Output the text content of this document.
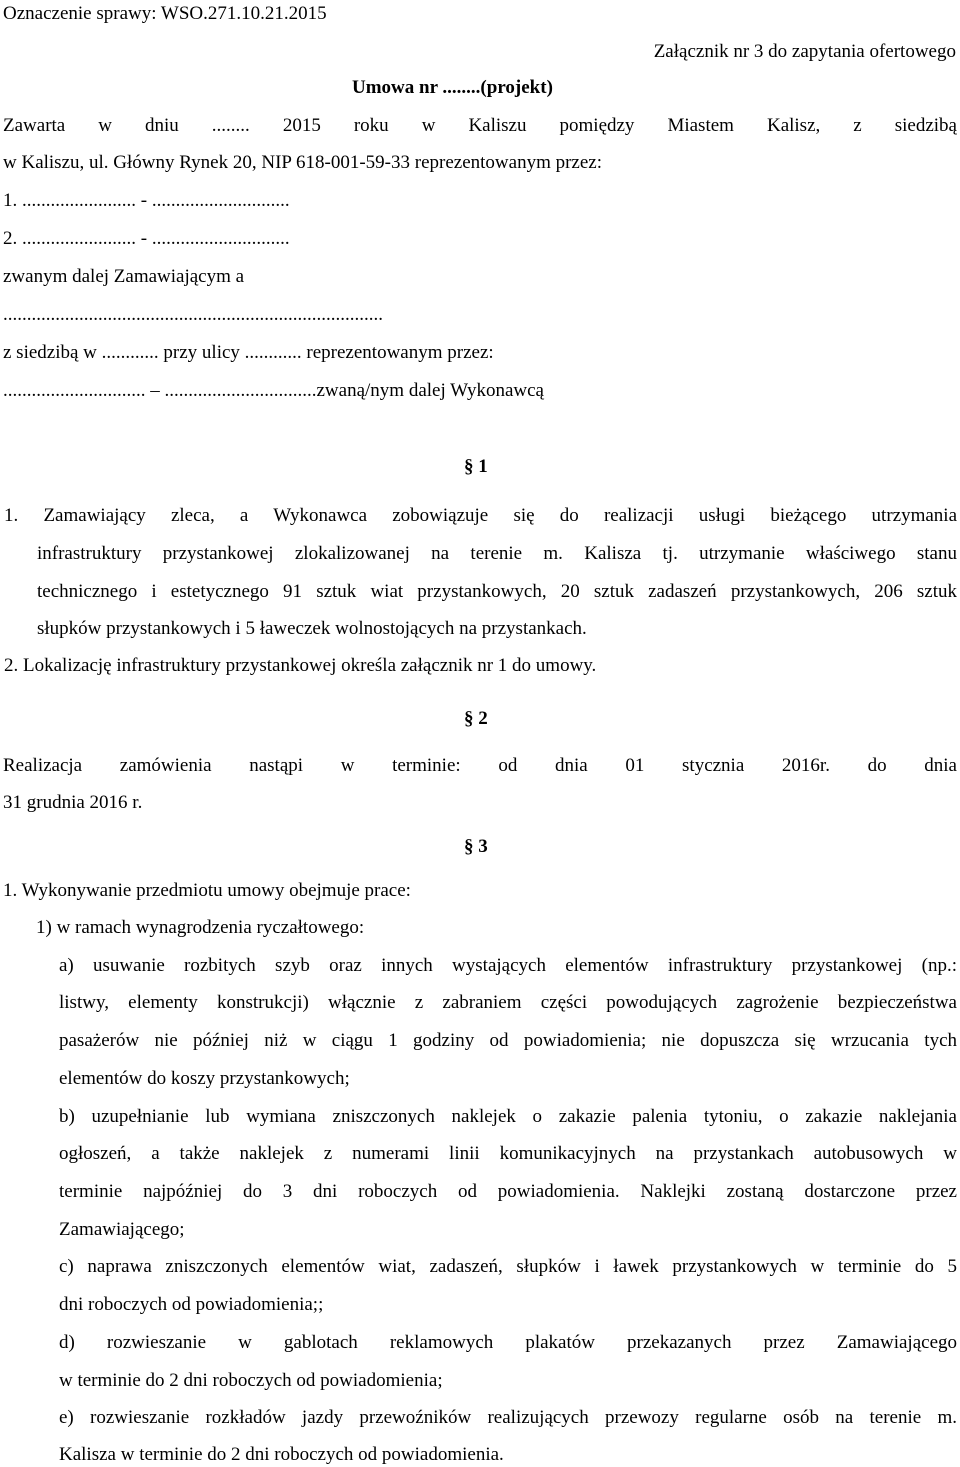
Oznaczenie sprawy: WSO.271.10.21.2015
Załącznik nr 3 do zapytania ofertowego
Umowa nr ........(projekt)
Zawarta w dniu ........ 2015 roku w Kaliszu pomiędzy Miastem Kalisz, z siedzibą
w Kaliszu, ul. Główny Rynek 20, NIP 618-001-59-33 reprezentowanym przez:
1. ........................ - .............................
2. ........................ - .............................
zwanym dalej Zamawiającym a
................................................................................
z siedzibą w ............ przy ulicy ............ reprezentowanym przez:
.............................. – ................................zwaną/nym dalej Wykonawcą
§ 1
1. Zamawiający zleca, a Wykonawca zobowiązuje się do realizacji usługi bieżącego utrzymania
infrastruktury przystankowej zlokalizowanej na terenie m. Kalisza tj. utrzymanie właściwego stanu
technicznego i estetycznego 91 sztuk wiat przystankowych, 20 sztuk zadaszeń przystankowych, 206 sztuk
słupków przystankowych i 5 ławeczek wolnostojących na przystankach.
2. Lokalizację infrastruktury przystankowej określa załącznik nr 1 do umowy.
§ 2
Realizacja zamówienia nastąpi w terminie: od dnia 01 stycznia 2016r. do dnia
31 grudnia 2016 r.
§ 3
1. Wykonywanie przedmiotu umowy obejmuje prace:
1) w ramach wynagrodzenia ryczałtowego:
a) usuwanie rozbitych szyb oraz innych wystających elementów infrastruktury przystankowej (np.:
listwy, elementy konstrukcji) włącznie z zabraniem części powodujących zagrożenie bezpieczeństwa
pasażerów nie później niż w ciągu 1 godziny od powiadomienia; nie dopuszcza się wrzucania tych
elementów do koszy przystankowych;
b) uzupełnianie lub wymiana zniszczonych naklejek o zakazie palenia tytoniu, o zakazie naklejania
ogłoszeń, a także naklejek z numerami linii komunikacyjnych na przystankach autobusowych w
terminie najpóźniej do 3 dni roboczych od powiadomienia. Naklejki zostaną dostarczone przez
Zamawiającego;
c) naprawa zniszczonych elementów wiat, zadaszeń, słupków i ławek przystankowych w terminie do 5
dni roboczych od powiadomienia;;
d) rozwieszanie w gablotach reklamowych plakatów przekazanych przez Zamawiającego
w terminie do 2 dni roboczych od powiadomienia;
e) rozwieszanie rozkładów jazdy przewoźników realizujących przewozy regularne osób na terenie m.
Kalisza w terminie do 2 dni roboczych od powiadomienia.
